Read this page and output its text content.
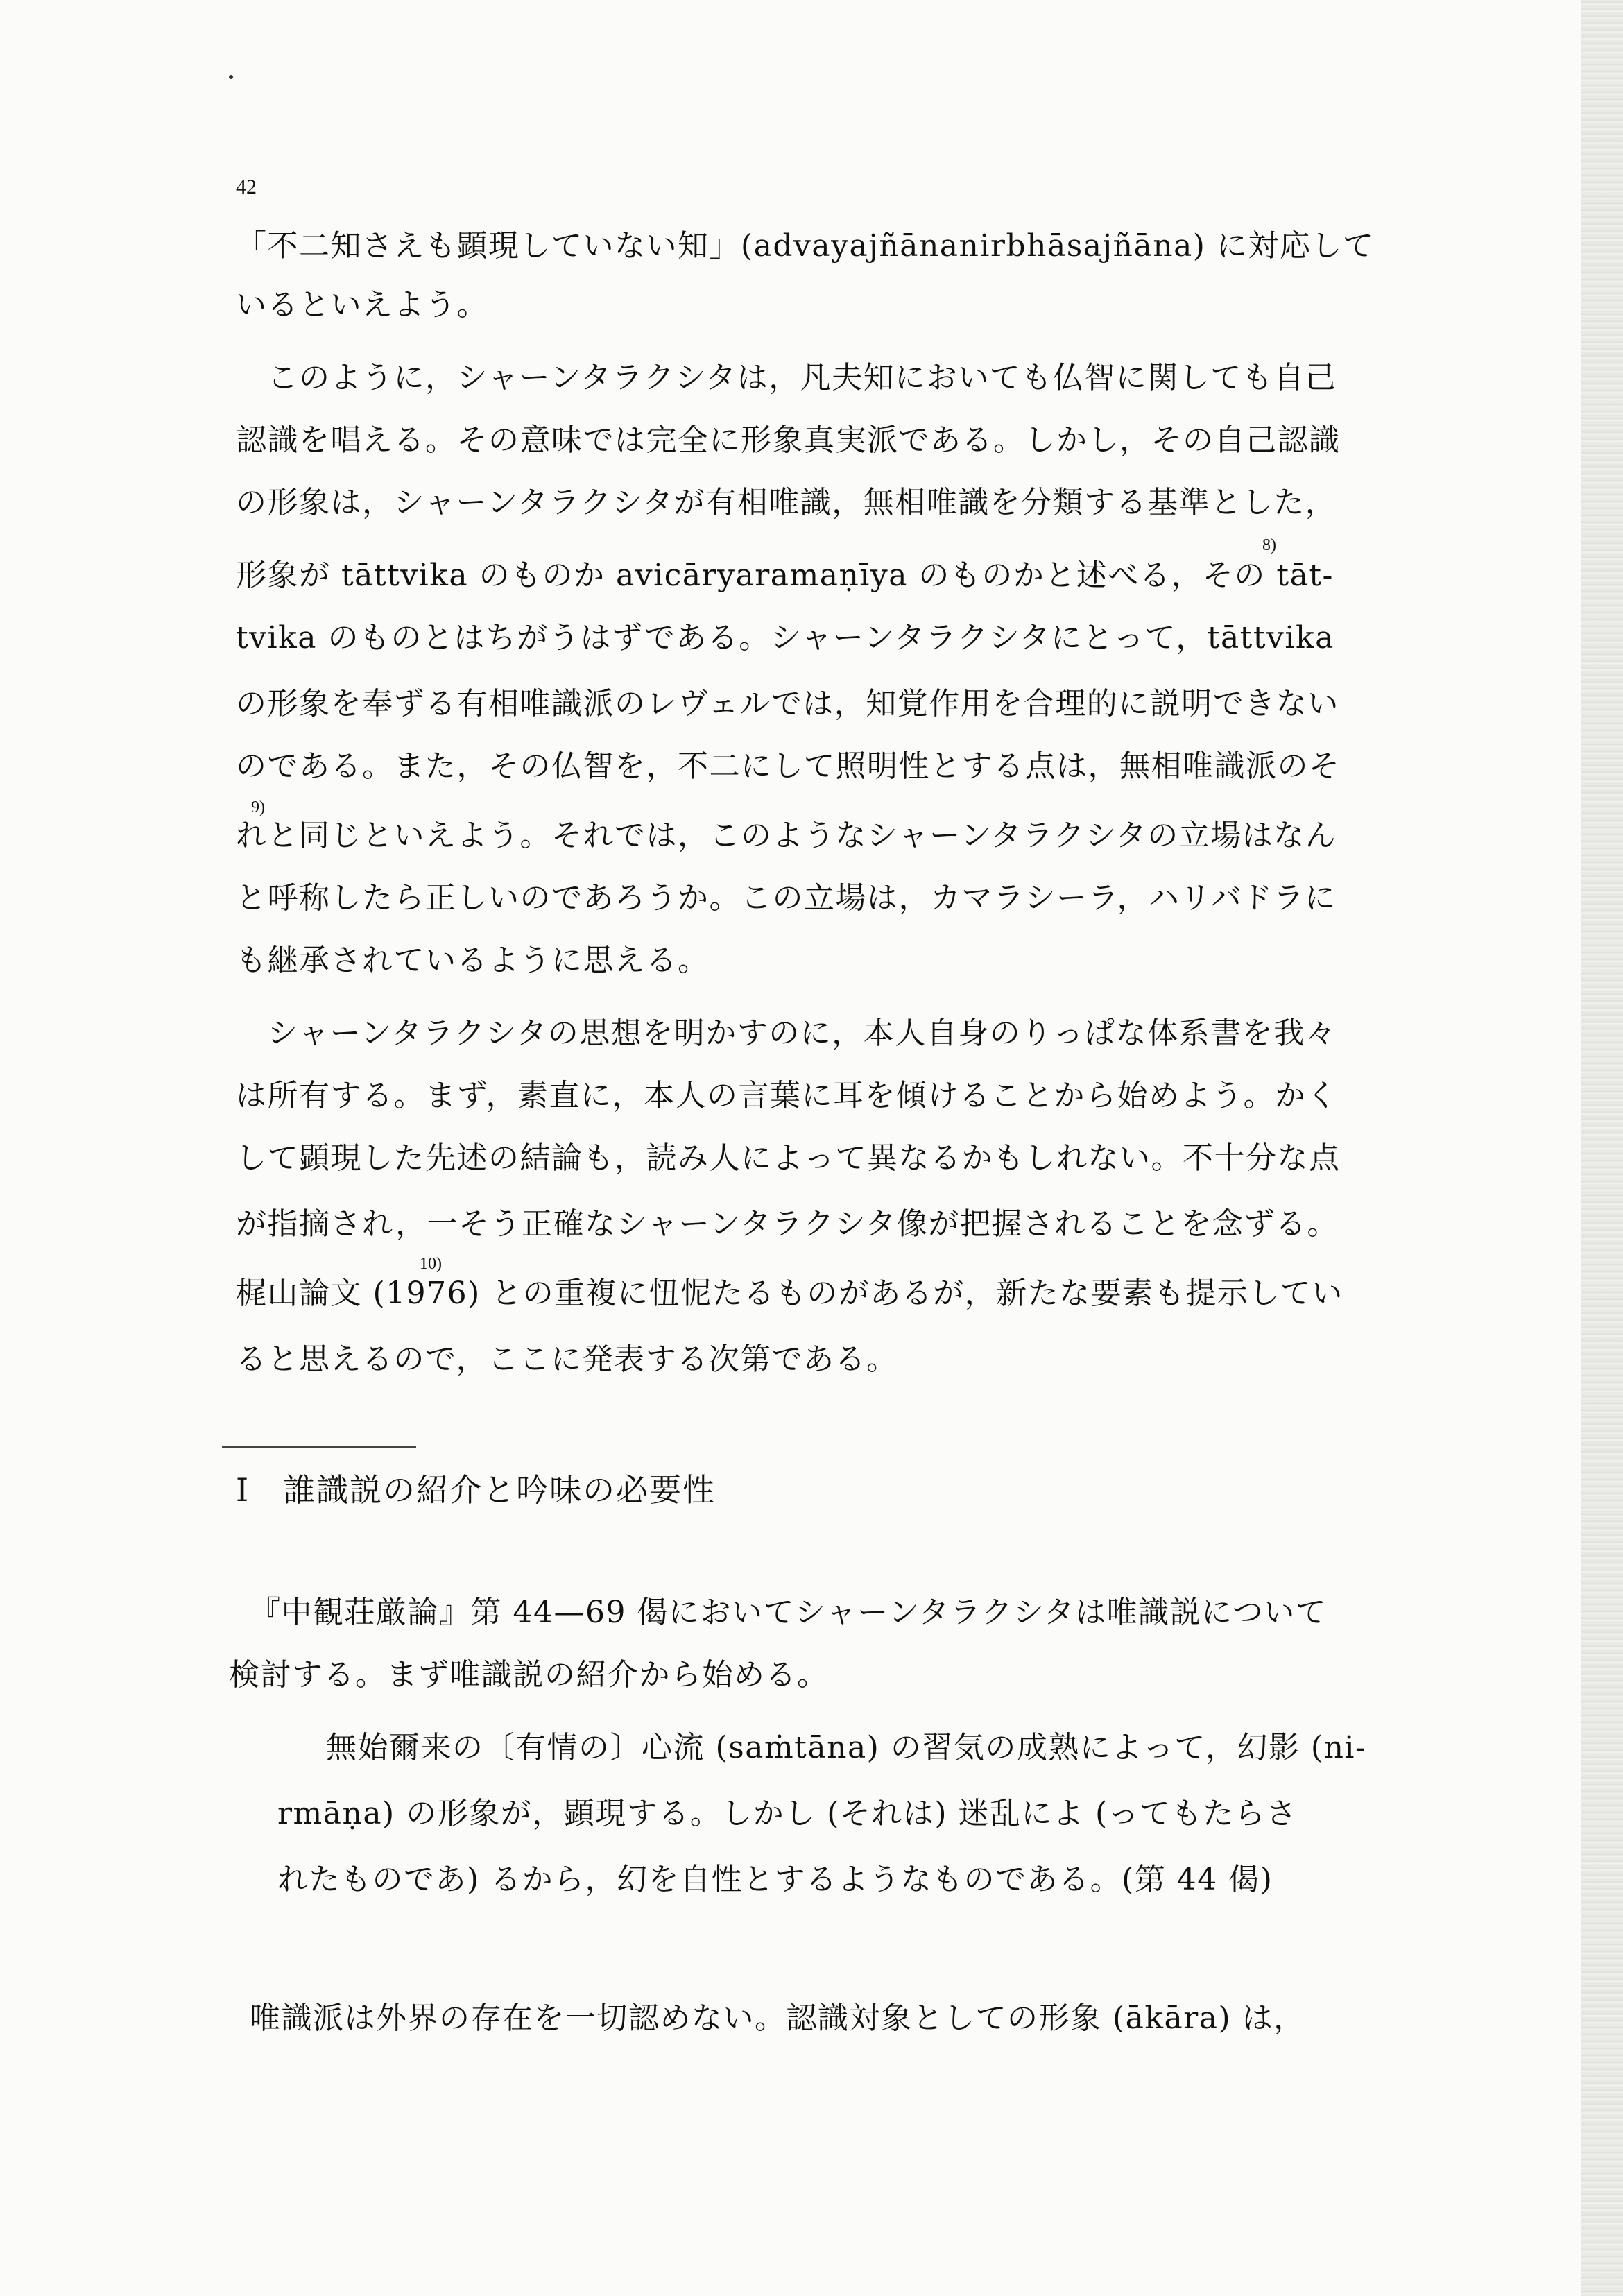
42
「不二知さえも顕現していない知」(advayajñānanirbhāsajñāna) に対応して
いるといえよう。
　このように，シャーンタラクシタは，凡夫知においても仏智に関しても自己
認識を唱える。その意味では完全に形象真実派である。しかし，その自己認識
の形象は，シャーンタラクシタが有相唯識，無相唯識を分類する基準とした，
形象が tāttvika のものか avicāryaramaṇīya のものかと述べる，その tāt-
tvika のものとはちがうはずである。シャーンタラクシタにとって，tāttvika
の形象を奉ずる有相唯識派のレヴェルでは，知覚作用を合理的に説明できない
のである。また，その仏智を，不二にして照明性とする点は，無相唯識派のそ
れと同じといえよう。それでは，このようなシャーンタラクシタの立場はなん
と呼称したら正しいのであろうか。この立場は，カマラシーラ，ハリバドラに
も継承されているように思える。
　シャーンタラクシタの思想を明かすのに，本人自身のりっぱな体系書を我々
は所有する。まず，素直に，本人の言葉に耳を傾けることから始めよう。かく
して顕現した先述の結論も，読み人によって異なるかもしれない。不十分な点
が指摘され，一そう正確なシャーンタラクシタ像が把握されることを念ずる。
梶山論文 (1976) との重複に忸怩たるものがあるが，新たな要素も提示してい
ると思えるので，ここに発表する次第である。
8)
9)
10)
I　誰識説の紹介と吟味の必要性
『中観荘厳論』第 44—69 偈においてシャーンタラクシタは唯識説について
検討する。まず唯識説の紹介から始める。
無始爾来の〔有情の〕心流 (saṁtāna) の習気の成熟によって，幻影 (ni-
rmāṇa) の形象が，顕現する。しかし (それは) 迷乱によ (ってもたらさ
れたものであ) るから，幻を自性とするようなものである。(第 44 偈)
唯識派は外界の存在を一切認めない。認識対象としての形象 (ākāra) は，
